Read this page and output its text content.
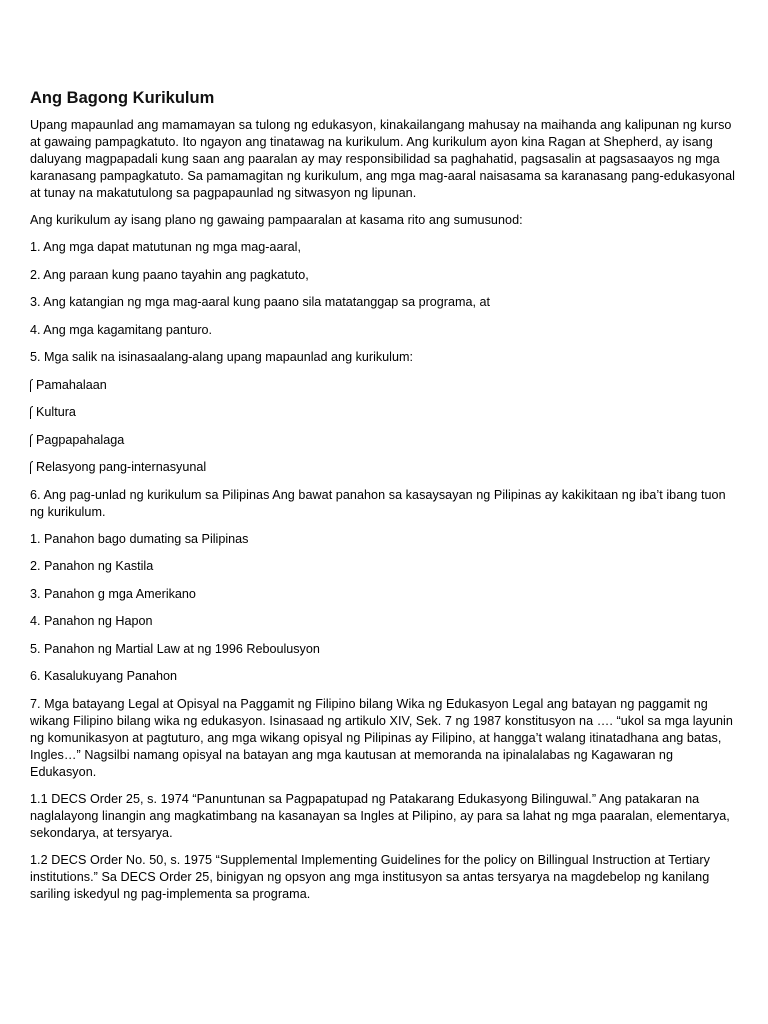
Ang Bagong Kurikulum

Upang mapaunlad ang mamamayan sa tulong ng edukasyon, kinakailangang mahusay na maihanda ang kalipunan ng kurso at gawaing pampagkatuto. Ito ngayon ang tinatawag na kurikulum. Ang kurikulum ayon kina Ragan at Shepherd, ay isang daluyang magpapadali kung saan ang paaralan ay may responsibilidad sa paghahatid, pagsasalin at pagsasaayos ng mga karanasang pampagkatuto. Sa pamamagitan ng kurikulum, ang mga mag-aaral naisasama sa karanasang pang-edukasyonal at tunay na makatutulong sa pagpapaunlad ng sitwasyon ng lipunan.

Ang kurikulum ay isang plano ng gawaing pampaaralan at kasama rito ang sumusunod:

1. Ang mga dapat matutunan ng mga mag-aaral,

2. Ang paraan kung paano tayahin ang pagkatuto,

3. Ang katangian ng mga mag-aaral kung paano sila matatanggap sa programa, at

4. Ang mga kagamitang panturo.

5. Mga salik na isinasaalang-alang upang mapaunlad ang kurikulum:

Pamahalaan
Kultura
Pagpapahalaga
Relasyong pang-internasyunal

6. Ang pag-unlad ng kurikulum sa Pilipinas Ang bawat panahon sa kasaysayan ng Pilipinas ay kakikitaan ng iba’t ibang tuon ng kurikulum.

1. Panahon bago dumating sa Pilipinas

2. Panahon ng Kastila

3. Panahon g mga Amerikano

4. Panahon ng Hapon

5. Panahon ng Martial Law at ng 1996 Reboulusyon

6. Kasalukuyang Panahon

7. Mga batayang Legal at Opisyal na Paggamit ng Filipino bilang Wika ng Edukasyon Legal ang batayan ng paggamit ng wikang Filipino bilang wika ng edukasyon. Isinasaad ng artikulo XIV, Sek. 7 ng 1987 konstitusyon na …. “ukol sa mga layunin ng komunikasyon at pagtuturo, ang mga wikang opisyal ng Pilipinas ay Filipino, at hangga’t walang itinatadhana ang batas, Ingles…” Nagsilbi namang opisyal na batayan ang mga kautusan at memoranda na ipinalalabas ng Kagawaran ng Edukasyon.

1.1 DECS Order 25, s. 1974 “Panuntunan sa Pagpapatupad ng Patakarang Edukasyong Bilinguwal.” Ang patakaran na naglalayong linangin ang magkatimbang na kasanayan sa Ingles at Pilipino, ay para sa lahat ng mga paaralan, elementarya, sekondarya, at tersyarya.

1.2 DECS Order No. 50, s. 1975 “Supplemental Implementing Guidelines for the policy on Billingual Instruction at Tertiary institutions.” Sa DECS Order 25, binigyan ng opsyon ang mga institusyon sa antas tersyarya na magdebelop ng kanilang sariling iskedyul ng pag-implementa sa programa.
